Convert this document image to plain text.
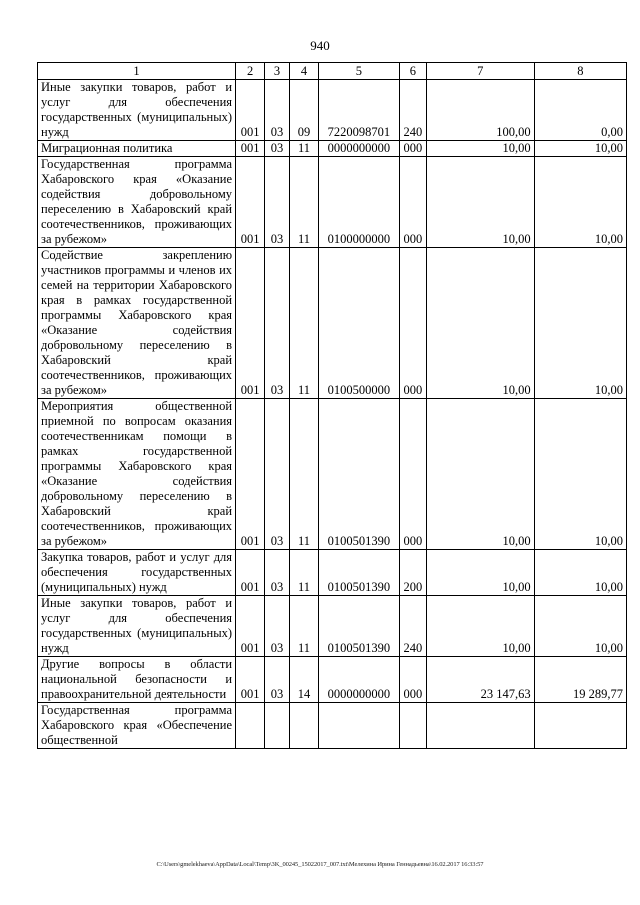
940
1	2	3	4	5	6	7	8
Иные закупки товаров, работ и услуг для обеспечения государственных (муниципальных) нужд	001	03	09	7220098701	240	100,00	0,00
Миграционная политика	001	03	11	0000000000	000	10,00	10,00
Государственная программа Хабаровского края «Оказание содействия добровольному переселению в Хабаровский край соотечественников, проживающих за рубежом»	001	03	11	0100000000	000	10,00	10,00
Содействие закреплению участников программы и членов их семей на территории Хабаровского края в рамках государственной программы Хабаровского края «Оказание содействия добровольному переселению в Хабаровский край соотечественников, проживающих за рубежом»	001	03	11	0100500000	000	10,00	10,00
Мероприятия общественной приемной по вопросам оказания соотечественникам помощи в рамках государственной программы Хабаровского края «Оказание содействия добровольному переселению в Хабаровский край соотечественников, проживающих за рубежом»	001	03	11	0100501390	000	10,00	10,00
Закупка товаров, работ и услуг для обеспечения государственных (муниципальных) нужд	001	03	11	0100501390	200	10,00	10,00
Иные закупки товаров, работ и услуг для обеспечения государственных (муниципальных) нужд	001	03	11	0100501390	240	10,00	10,00
Другие вопросы в области национальной безопасности и правоохранительной деятельности	001	03	14	0000000000	000	23 147,63	19 289,77
Государственная программа Хабаровского края «Обеспечение общественной							
C:\Users\gmelekhaeva\AppData\Local\Temp\3K_00245_15022017_007.txt\Мелехина Ирина Геннадьевна\16.02.2017 16:33:57
